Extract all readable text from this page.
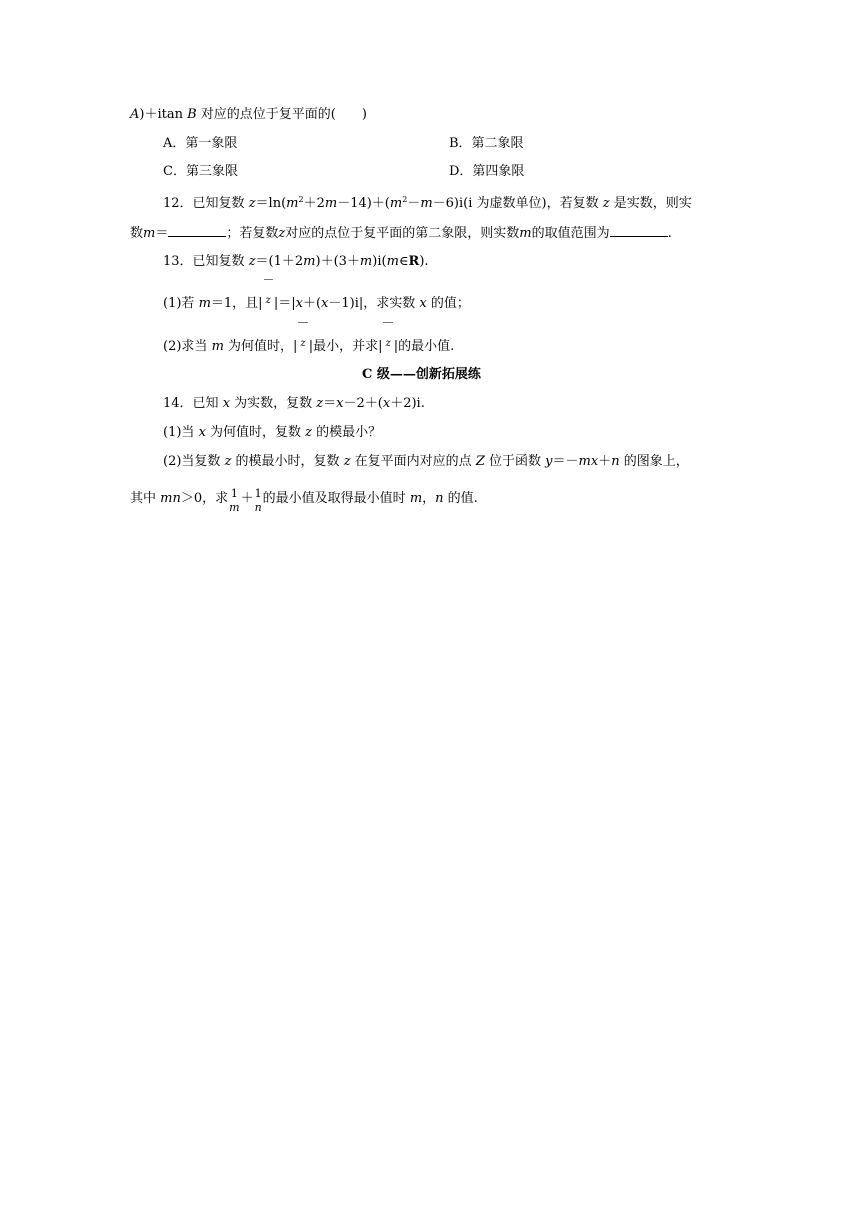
A)＋itan B 对应的点位于复平面的(　　)
A．第一象限	B．第二象限
C．第三象限	D．第四象限
12．已知复数 $z=\ln(m^2+2m-14)+(m^2-m-6)i(i$ 为虚数单位)，若复数 z 是实数，则实
数m＝	；若复数z对应的点位于复平面的第二象限，则实数m的取值范围为	.
13．已知复数 z＝(1＋2m)＋(3＋m)i(m∈R).
(1)若 m＝1，且| z |＝|x＋(x－1)i|，求实数 x 的值；
(2)求当 m 为何值时，| z |最小，并求| z |的最小值.
C 级——创新拓展练
14．已知 x 为实数，复数 z＝x－2＋(x＋2)i.
(1)当 x 为何值时，复数 z 的模最小？
(2)当复数 z 的模最小时，复数 z 在复平面内对应的点 Z 位于函数 y＝－mx＋n 的图象上，
其中 mn＞0，求 1
m
＋ 1
n
的最小值及取得最小值时 m，n 的值.
